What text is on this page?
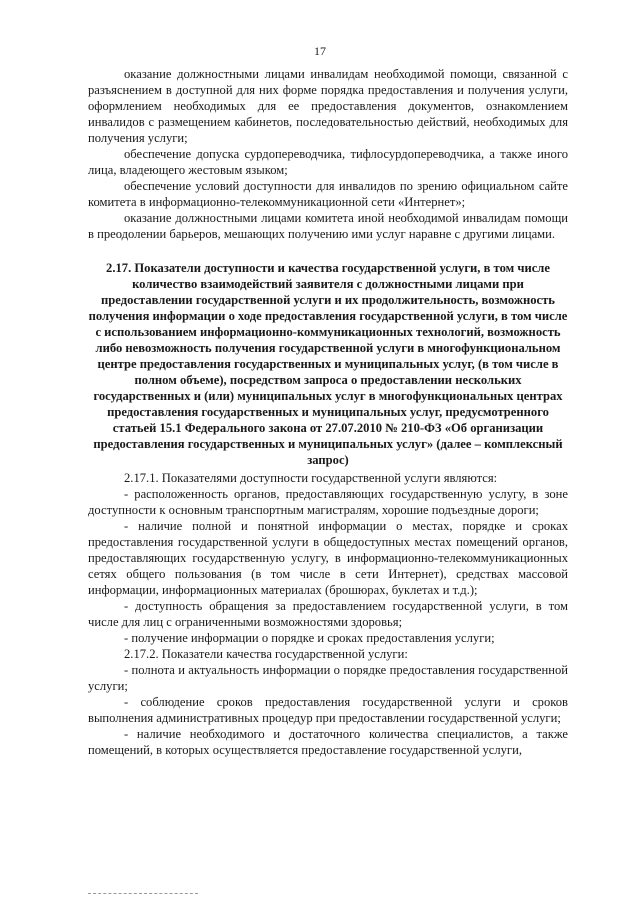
17

оказание должностными лицами инвалидам необходимой помощи, связанной с разъяснением в доступной для них форме порядка предоставления и получения услуги, оформлением необходимых для ее предоставления документов, ознакомлением инвалидов с размещением кабинетов, последовательностью действий, необходимых для получения услуги;

обеспечение допуска сурдопереводчика, тифлосурдопереводчика, а также иного лица, владеющего жестовым языком;

обеспечение условий доступности для инвалидов по зрению официальном сайте комитета в информационно-телекоммуникационной сети «Интернет»;

оказание должностными лицами комитета иной необходимой инвалидам помощи в преодолении барьеров, мешающих получению ими услуг наравне с другими лицами.

2.17. Показатели доступности и качества государственной услуги, в том числе количество взаимодействий заявителя с должностными лицами при предоставлении государственной услуги и их продолжительность, возможность получения информации о ходе предоставления государственной услуги, в том числе с использованием информационно-коммуникационных технологий, возможность либо невозможность получения государственной услуги в многофункциональном центре предоставления государственных и муниципальных услуг, (в том числе в полном объеме), посредством запроса о предоставлении нескольких государственных и (или) муниципальных услуг в многофункциональных центрах предоставления государственных и муниципальных услуг, предусмотренного статьей 15.1 Федерального закона от 27.07.2010 № 210-ФЗ «Об организации предоставления государственных и муниципальных услуг» (далее – комплексный запрос)

2.17.1. Показателями доступности государственной услуги являются:

- расположенность органов, предоставляющих государственную услугу, в зоне доступности к основным транспортным магистралям, хорошие подъездные дороги;

- наличие полной и понятной информации о местах, порядке и сроках предоставления государственной услуги в общедоступных местах помещений органов, предоставляющих государственную услугу, в информационно-телекоммуникационных сетях общего пользования (в том числе в сети Интернет), средствах массовой информации, информационных материалах (брошюрах, буклетах и т.д.);

- доступность обращения за предоставлением государственной услуги, в том числе для лиц с ограниченными возможностями здоровья;

- получение информации о порядке и сроках предоставления услуги;

2.17.2. Показатели качества государственной услуги:

- полнота и актуальность информации о порядке предоставления государственной услуги;

- соблюдение сроков предоставления государственной услуги и сроков выполнения административных процедур при предоставлении государственной услуги;

- наличие необходимого и достаточного количества специалистов, а также помещений, в которых осуществляется предоставление государственной услуги,
